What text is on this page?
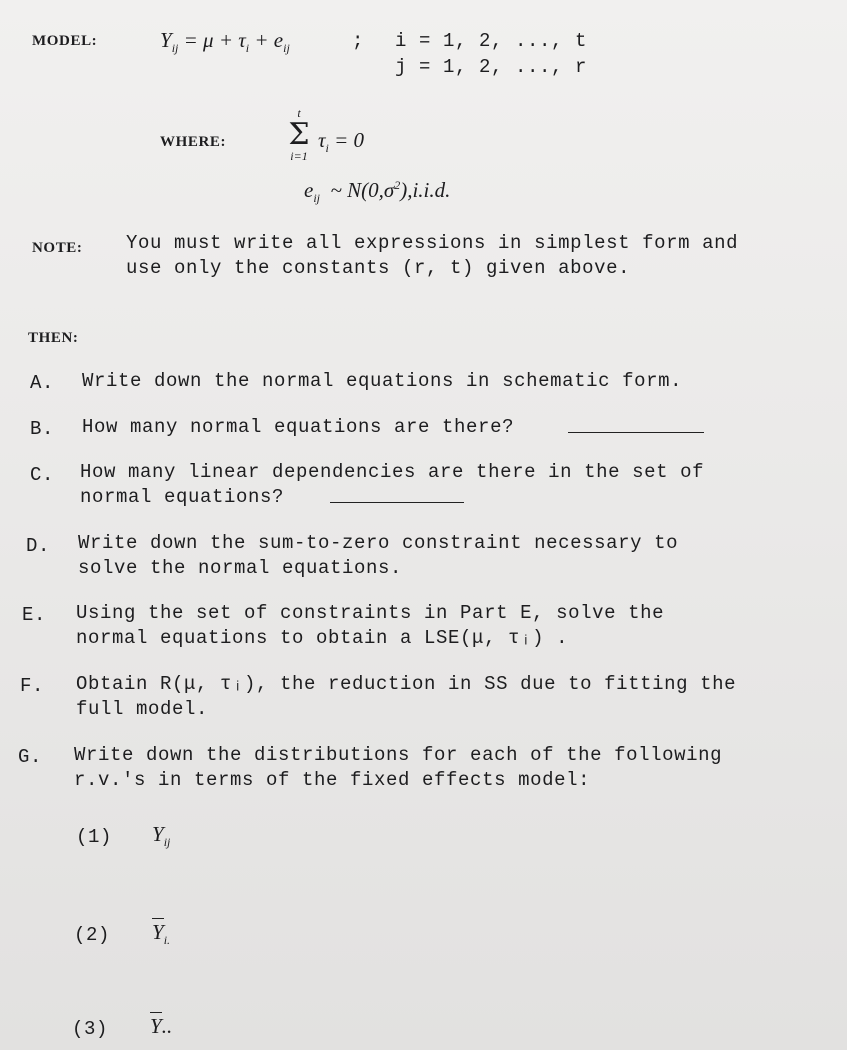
MODEL:	$Y_{ij} = \mu + \tau_i + e_{ij}$	; i = 1, 2, ..., t
j = 1, 2, ..., r
WHERE:
t
Σ
i=1
$\tau_i = 0$
$e_{ij}$  ~ $N(0,\sigma^2),i.i.d$.
NOTE: You must write all expressions in simplest form and
use only the constants (r, t) given above.
THEN:
A. Write down the normal equations in schematic form.
B. How many normal equations are there?
C. How many linear dependencies are there in the set of
normal equations?
D. Write down the sum-to-zero constraint necessary to
solve the normal equations.
E. Using the set of constraints in Part E, solve the
normal equations to obtain a LSE(μ, τᵢ) .
F. Obtain R(μ, τᵢ), the reduction in SS due to fitting the
full model.
G. Write down the distributions for each of the following
r.v.'s in terms of the fixed effects model:
(1) $Y_{ij}$
(2) $Y_{i.}$
(3) Y..
